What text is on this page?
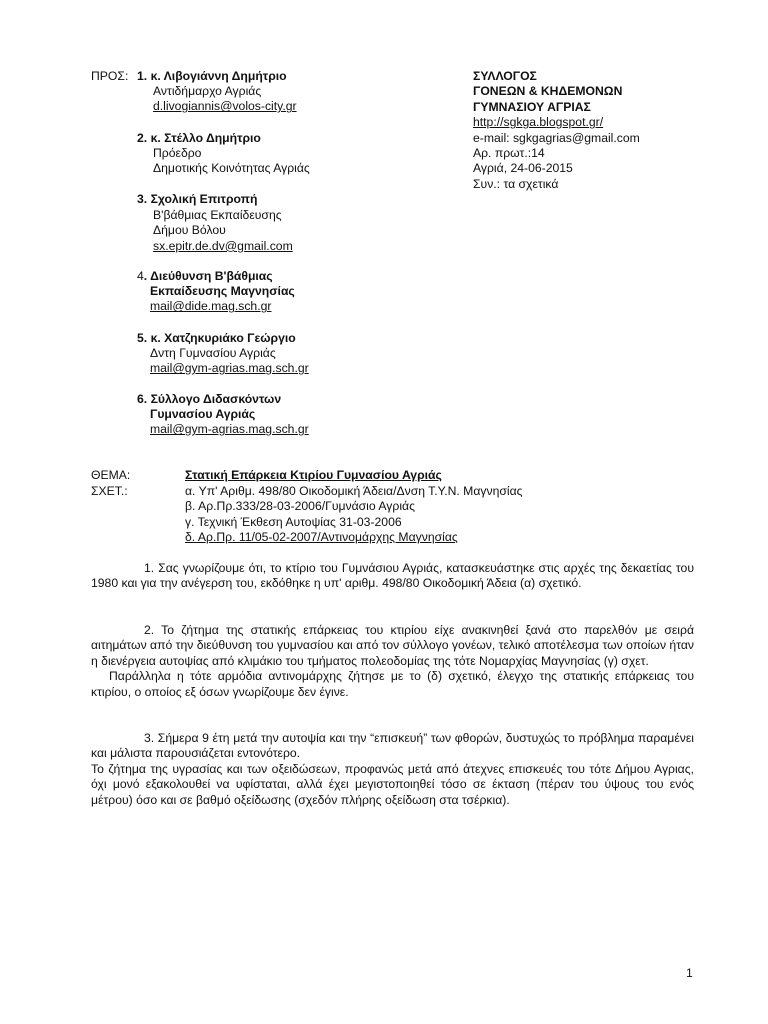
ΠΡΟΣ: 1. κ. Λιβογιάννη Δημήτριο
Αντιδήμαρχο Αγριάς
d.livogiannis@volos-city.gr
2. κ. Στέλλο Δημήτριο
Πρόεδρο
Δημοτικής Κοινότητας Αγριάς
3. Σχολική Επιτροπή
Β'βάθμιας Εκπαίδευσης
Δήμου Βόλου
sx.epitr.de.dv@gmail.com
4. Διεύθυνση Β'βάθμιας
Εκπαίδευσης Μαγνησίας
mail@dide.mag.sch.gr
5. κ. Χατζηκυριάκο Γεώργιο
Δντη Γυμνασίου Αγριάς
mail@gym-agrias.mag.sch.gr
6. Σύλλογο Διδασκόντων
Γυμνασίου Αγριάς
mail@gym-agrias.mag.sch.gr
ΣΥΛΛΟΓΟΣ
ΓΟΝΕΩΝ & ΚΗΔΕΜΟΝΩΝ
ΓΥΜΝΑΣΙΟΥ ΑΓΡΙΑΣ
http://sgkga.blogspot.gr/
e-mail: sgkgagrias@gmail.com
Αρ. πρωτ.:14
Αγριά, 24-06-2015
Συν.: τα σχετικά
ΘΕΜΑ:	Στατική Επάρκεια Κτιρίου Γυμνασίου Αγριάς
ΣΧΕΤ.:	α. Υπ' Αριθμ. 498/80 Οικοδομική Άδεια/Δνση Τ.Υ.Ν. Μαγνησίας
β. Αρ.Πρ.333/28-03-2006/Γυμνάσιο Αγριάς
γ. Τεχνική Έκθεση Αυτοψίας 31-03-2006
δ. Αρ.Πρ. 11/05-02-2007/Αντινομάρχης Μαγνησίας

1. Σας γνωρίζουμε ότι, το κτίριο του Γυμνάσιου Αγριάς, κατασκευάστηκε στις αρχές της δεκαετίας του 1980 και για την ανέγερση του, εκδόθηκε η υπ' αριθμ. 498/80 Οικοδομική Άδεια (α) σχετικό.

2. Το ζήτημα της στατικής επάρκειας του κτιρίου είχε ανακινηθεί ξανά στο παρελθόν με σειρά αιτημάτων από την διεύθυνση του γυμνασίου και από τον σύλλογο γονέων, τελικό αποτέλεσμα των οποίων ήταν η διενέργεια αυτοψίας από κλιμάκιο του τμήματος πολεοδομίας της τότε Νομαρχίας Μαγνησίας (γ) σχετ.

Παράλληλα η τότε αρμόδια αντινομάρχης ζήτησε με το (δ) σχετικό, έλεγχο της στατικής επάρκειας του κτιρίου, ο οποίος εξ όσων γνωρίζουμε δεν έγινε.

3. Σήμερα 9 έτη μετά την αυτοψία και την “επισκευή” των φθορών, δυστυχώς το πρόβλημα παραμένει και μάλιστα παρουσιάζεται εντονότερο.

Το ζήτημα της υγρασίας και των οξειδώσεων, προφανώς μετά από άτεχνες επισκευές του τότε Δήμου Αγριας, όχι μονό εξακολουθεί να υφίσταται, αλλά έχει μεγιστοποιηθεί τόσο σε έκταση (πέραν του ύψους του ενός μέτρου) όσο και σε βαθμό οξείδωσης (σχεδόν πλήρης οξείδωση στα τσέρκια).

1
